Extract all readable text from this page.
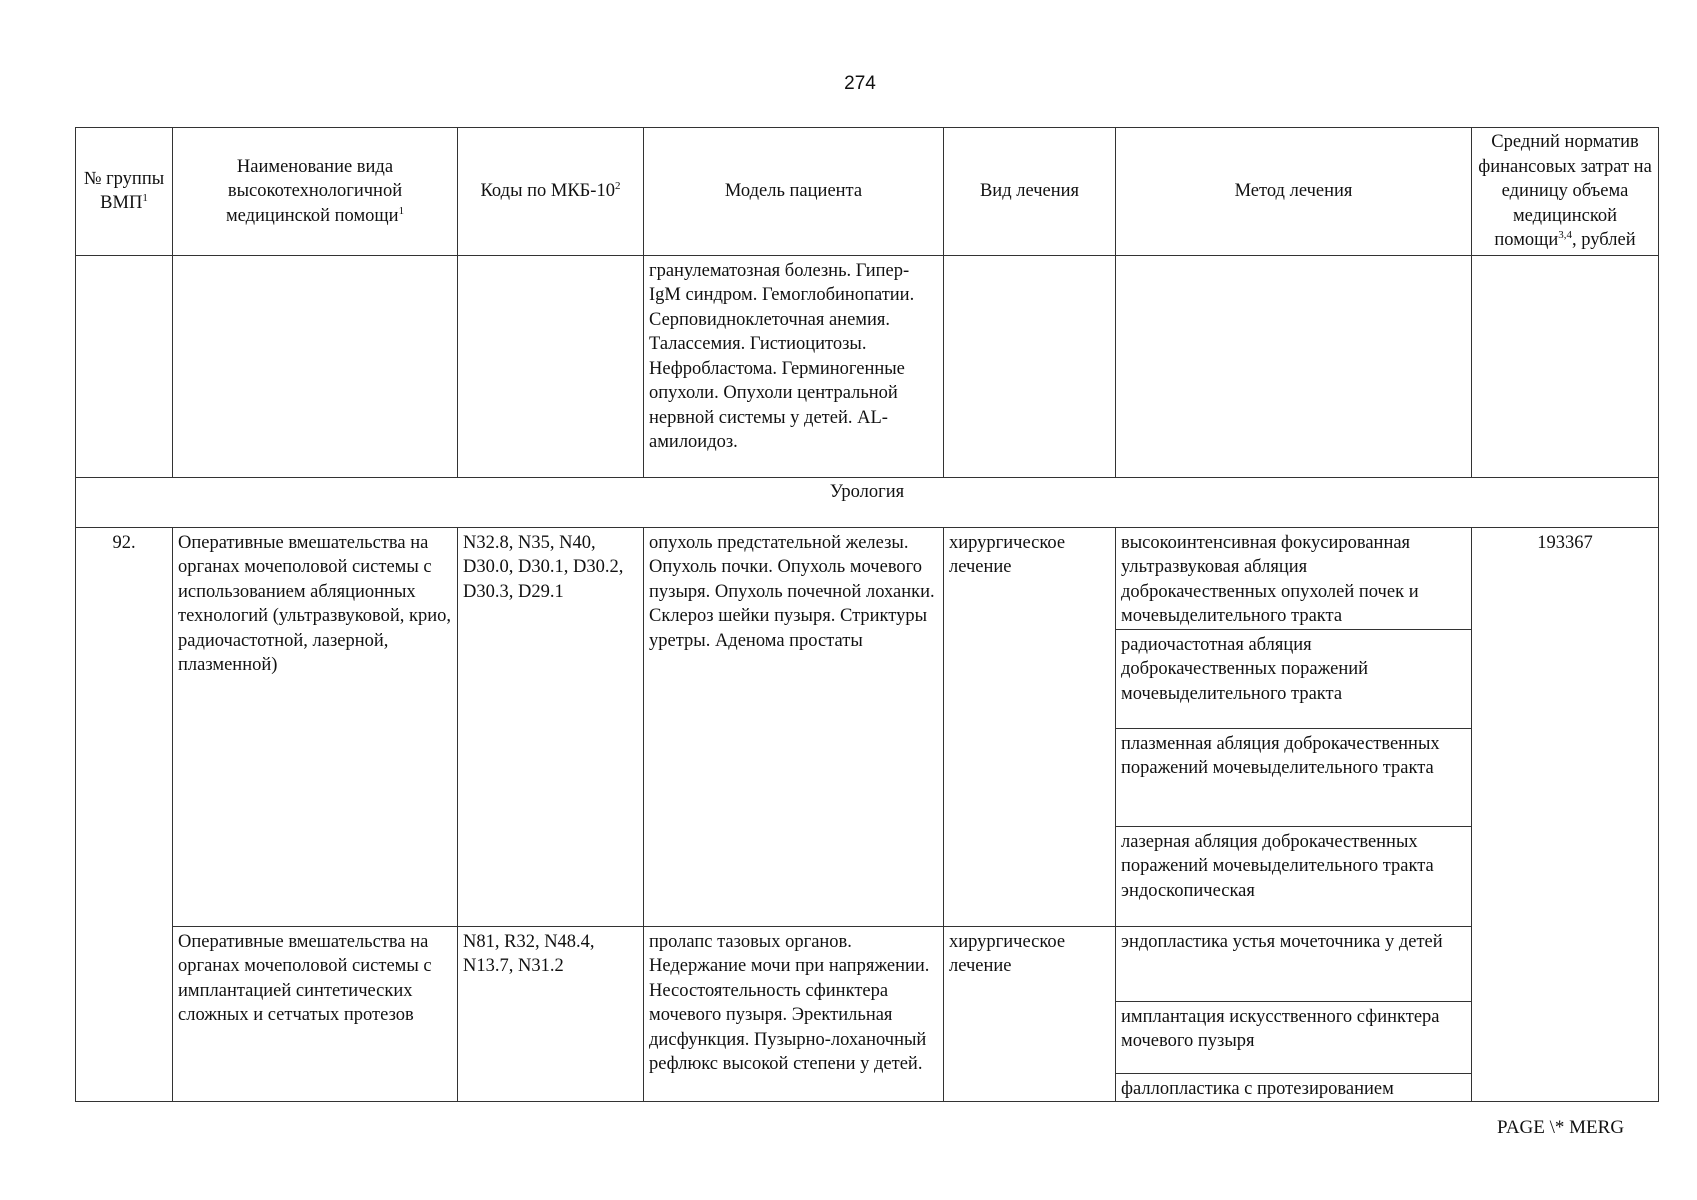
274
№ группы ВМП$^1$	Наименование вида высокотехнологичной медицинской помощи$^1$	Коды по МКБ-$10^2$	Модель пациента	Вид лечения	Метод лечения	Средний норматив финансовых затрат на единицу объема медицинской помощи$^{3,4}$, рублей
			гранулематозная болезнь. Гипер-IgM синдром. Гемоглобинопатии. Серповидноклеточная анемия. Талассемия. Гистиоцитозы. Нефробластома. Герминогенные опухоли. Опухоли центральной нервной системы у детей. AL-амилоидоз.			
Урология						
92.	Оперативные вмешательства на органах мочеполовой системы с использованием абляционных технологий (ультразвуковой, крио, радиочастотной, лазерной, плазменной)	N32.8, N35, N40, D30.0, D30.1, D30.2, D30.3, D29.1	опухоль предстательной железы. Опухоль почки. Опухоль мочевого пузыря. Опухоль почечной лоханки. Склероз шейки пузыря. Стриктуры уретры. Аденома простаты	хирургическое лечение	высокоинтенсивная фокусированная ультразвуковая абляция доброкачественных опухолей почек и мочевыделительного тракта	193367
					радиочастотная абляция доброкачественных поражений мочевыделительного тракта	
					плазменная абляция доброкачественных поражений мочевыделительного тракта	
					лазерная абляция доброкачественных поражений мочевыделительного тракта эндоскопическая	
	Оперативные вмешательства на органах мочеполовой системы с имплантацией синтетических сложных и сетчатых протезов	N81, R32, N48.4, N13.7, N31.2	пролапс тазовых органов. Недержание мочи при напряжении. Несостоятельность сфинктера мочевого пузыря. Эректильная дисфункция. Пузырно-лоханочный рефлюкс высокой степени у детей.	хирургическое лечение	эндопластика устья мочеточника у детей	
					имплантация искусственного сфинктера мочевого пузыря	
					фаллопластика с протезированием	
PAGE \* MERG
